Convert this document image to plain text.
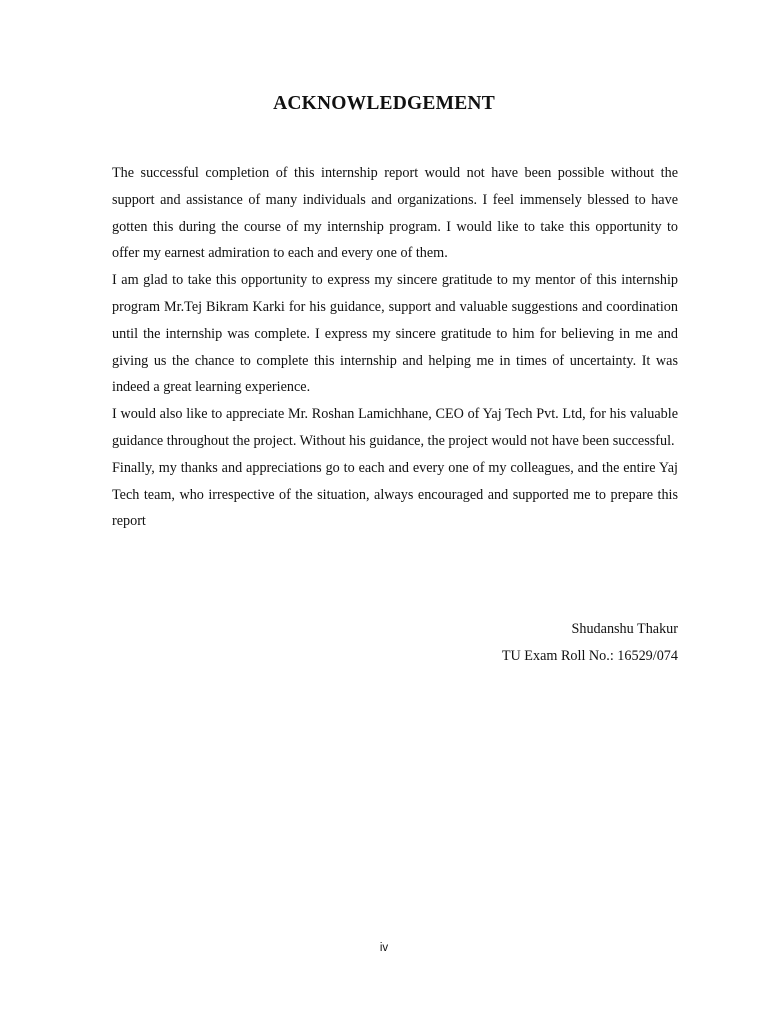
ACKNOWLEDGEMENT

The successful completion of this internship report would not have been possible without the support and assistance of many individuals and organizations. I feel immensely blessed to have gotten this during the course of my internship program. I would like to take this opportunity to offer my earnest admiration to each and every one of them.

I am glad to take this opportunity to express my sincere gratitude to my mentor of this internship program Mr.Tej Bikram Karki for his guidance, support and valuable suggestions and coordination until the internship was complete. I express my sincere gratitude to him for believing in me and giving us the chance to complete this internship and helping me in times of uncertainty. It was indeed a great learning experience.

I would also like to appreciate Mr. Roshan Lamichhane, CEO of Yaj Tech Pvt. Ltd, for his valuable guidance throughout the project. Without his guidance, the project would not have been successful.

Finally, my thanks and appreciations go to each and every one of my colleagues, and the entire Yaj Tech team, who irrespective of the situation, always encouraged and supported me to prepare this report

Shudanshu Thakur
TU Exam Roll No.: 16529/074
iv
